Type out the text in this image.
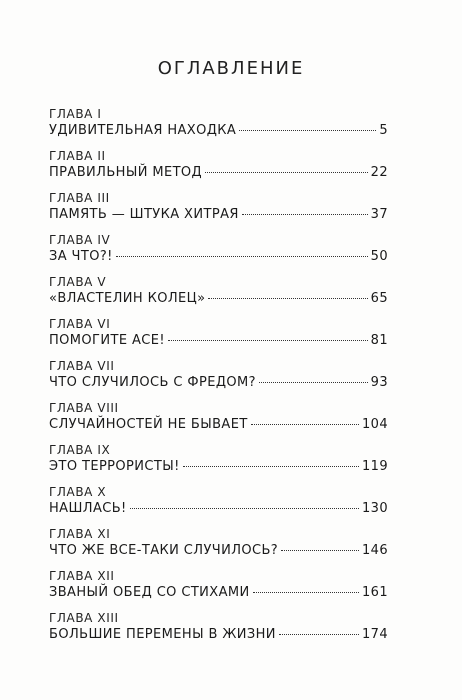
ОГЛАВЛЕНИЕ
ГЛАВА I
УДИВИТЕЛЬНАЯ НАХОДКА	5
ГЛАВА II
ПРАВИЛЬНЫЙ МЕТОД	22
ГЛАВА III
ПАМЯТЬ — ШТУКА ХИТРАЯ	37
ГЛАВА IV
ЗА ЧТО?!	50
ГЛАВА V
«ВЛАСТЕЛИН КОЛЕЦ»	65
ГЛАВА VI
ПОМОГИТЕ АСЕ!	81
ГЛАВА VII
ЧТО СЛУЧИЛОСЬ С ФРЕДОМ?	93
ГЛАВА VIII
СЛУЧАЙНОСТЕЙ НЕ БЫВАЕТ	104
ГЛАВА IX
ЭТО ТЕРРОРИСТЫ!	119
ГЛАВА X
НАШЛАСЬ!	130
ГЛАВА XI
ЧТО ЖЕ ВСЕ-ТАКИ СЛУЧИЛОСЬ?	146
ГЛАВА XII
ЗВАНЫЙ ОБЕД СО СТИХАМИ	161
ГЛАВА XIII
БОЛЬШИЕ ПЕРЕМЕНЫ В ЖИЗНИ	174
